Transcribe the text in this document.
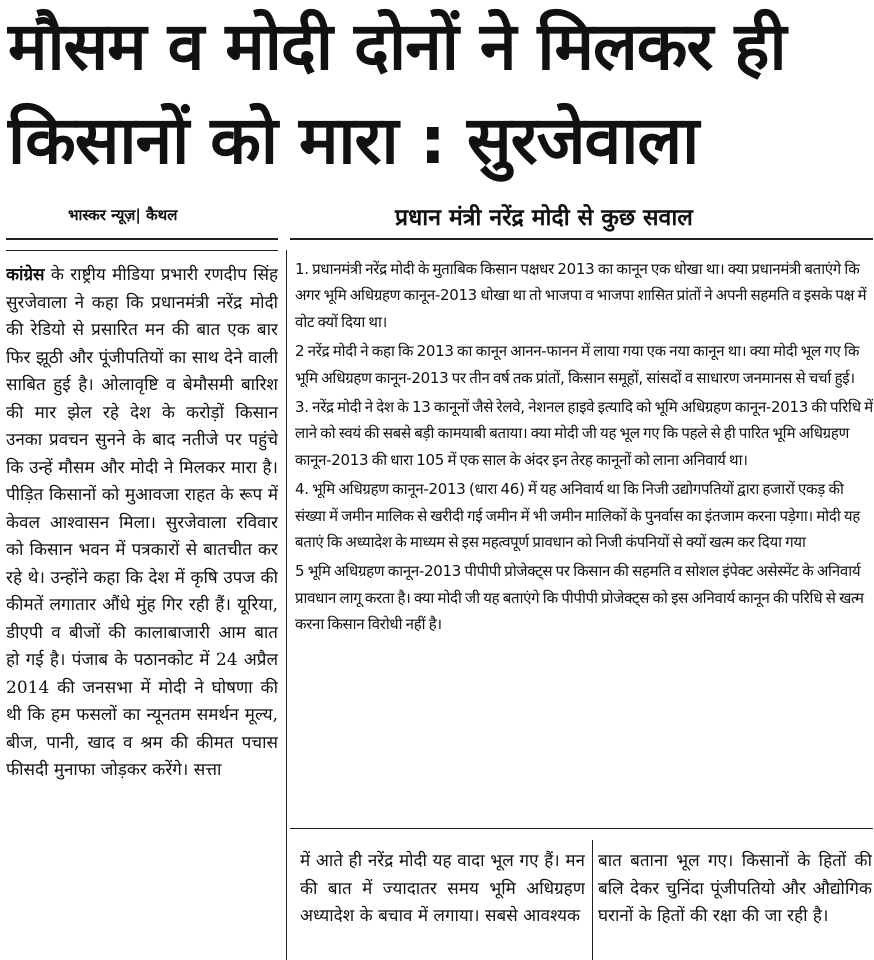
मौसम व मोदी दोनों ने मिलकर ही
किसानों को मारा : सुरजेवाला
भास्कर न्यूज़| कैथल	प्रधान मंत्री नरेंद्र मोदी से कुछ सवाल

कांग्रेस के राष्ट्रीय मीडिया प्रभारी रणदीप सिंह सुरजेवाला ने कहा कि प्रधानमंत्री नरेंद्र मोदी की रेडियो से प्रसारित मन की बात एक बार फिर झूठी और पूंजीपतियों का साथ देने वाली साबित हुई है। ओलावृष्टि व बेमौसमी बारिश की मार झेल रहे देश के करोड़ों किसान उनका प्रवचन सुनने के बाद नतीजे पर पहुंचे कि उन्हें मौसम और मोदी ने मिलकर मारा है। पीड़ित किसानों को मुआवजा राहत के रूप में केवल आश्वासन मिला। सुरजेवाला रविवार को किसान भवन में पत्रकारों से बातचीत कर रहे थे। उन्होंने कहा कि देश में कृषि उपज की कीमतें लगातार औंधे मुंह गिर रही हैं। यूरिया, डीएपी व बीजों की कालाबाजारी आम बात हो गई है। पंजाब के पठानकोट में 24 अप्रैल 2014 की जनसभा में मोदी ने घोषणा की थी कि हम फसलों का न्यूनतम समर्थन मूल्य, बीज, पानी, खाद व श्रम की कीमत पचास फीसदी मुनाफा जोड़कर करेंगे। सत्ता

1. प्रधानमंत्री नरेंद्र मोदी के मुताबिक किसान पक्षधर 2013 का कानून एक धोखा था। क्या प्रधानमंत्री बताएंगे कि अगर भूमि अधिग्रहण कानून-2013 धोखा था तो भाजपा व भाजपा शासित प्रांतों ने अपनी सहमति व इसके पक्ष में वोट क्यों दिया था।

2 नरेंद्र मोदी ने कहा कि 2013 का कानून आनन-फानन में लाया गया एक नया कानून था। क्या मोदी भूल गए कि भूमि अधिग्रहण कानून-2013 पर तीन वर्ष तक प्रांतों, किसान समूहों, सांसदों व साधारण जनमानस से चर्चा हुई।

3. नरेंद्र मोदी ने देश के 13 कानूनों जैसे रेलवे, नेशनल हाइवे इत्यादि को भूमि अधिग्रहण कानून-2013 की परिधि में लाने को स्वयं की सबसे बड़ी कामयाबी बताया। क्या मोदी जी यह भूल गए कि पहले से ही पारित भूमि अधिग्रहण कानून-2013 की धारा 105 में एक साल के अंदर इन तेरह कानूनों को लाना अनिवार्य था।

4. भूमि अधिग्रहण कानून-2013 (धारा 46) में यह अनिवार्य था कि निजी उद्योगपतियों द्वारा हजारों एकड़ की संख्या में जमीन मालिक से खरीदी गई जमीन में भी जमीन मालिकों के पुनर्वास का इंतजाम करना पड़ेगा। मोदी यह बताएं कि अध्यादेश के माध्यम से इस महत्वपूर्ण प्रावधान को निजी कंपनियों से क्यों खत्म कर दिया गया

5 भूमि अधिग्रहण कानून-2013 पीपीपी प्रोजेक्ट्स पर किसान की सहमति व सोशल इंपेक्ट असेस्मेंट के अनिवार्य प्रावधान लागू करता है। क्या मोदी जी यह बताएंगे कि पीपीपी प्रोजेक्ट्स को इस अनिवार्य कानून की परिधि से खत्म करना किसान विरोधी नहीं है।

में आते ही नरेंद्र मोदी यह वादा भूल गए हैं। मन की बात में ज्यादातर समय भूमि अधिग्रहण अध्यादेश के बचाव में लगाया। सबसे आवश्यक

बात बताना भूल गए। किसानों के हितों की बलि देकर चुनिंदा पूंजीपतियो और औद्योगिक घरानों के हितों की रक्षा की जा रही है।
